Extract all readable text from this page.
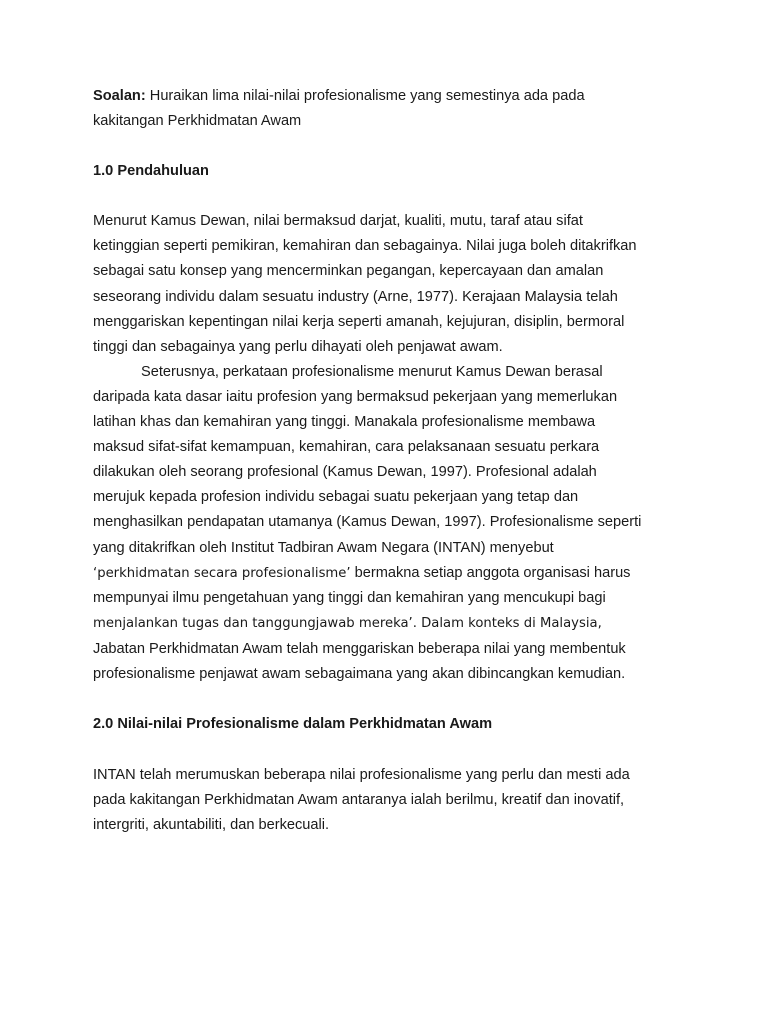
Soalan: Huraikan lima nilai-nilai profesionalisme yang semestinya ada pada
kakitangan Perkhidmatan Awam
1.0 Pendahuluan
Menurut Kamus Dewan, nilai bermaksud darjat, kualiti, mutu, taraf atau sifat
ketinggian seperti pemikiran, kemahiran dan sebagainya. Nilai juga boleh ditakrifkan
sebagai satu konsep yang mencerminkan pegangan, kepercayaan dan amalan
seseorang individu dalam sesuatu industry (Arne, 1977). Kerajaan Malaysia telah
menggariskan kepentingan nilai kerja seperti amanah, kejujuran, disiplin, bermoral
tinggi dan sebagainya yang perlu dihayati oleh penjawat awam.
Seterusnya, perkataan profesionalisme menurut Kamus Dewan berasal
daripada kata dasar iaitu profesion yang bermaksud pekerjaan yang memerlukan
latihan khas dan kemahiran yang tinggi. Manakala profesionalisme membawa
maksud sifat-sifat kemampuan, kemahiran, cara pelaksanaan sesuatu perkara
dilakukan oleh seorang profesional (Kamus Dewan, 1997). Profesional adalah
merujuk kepada profesion individu sebagai suatu pekerjaan yang tetap dan
menghasilkan pendapatan utamanya (Kamus Dewan, 1997). Profesionalisme seperti
yang ditakrifkan oleh Institut Tadbiran Awam Negara (INTAN) menyebut
‘perkhidmatan secara profesionalisme’ bermakna setiap anggota organisasi harus
mempunyai ilmu pengetahuan yang tinggi dan kemahiran yang mencukupi bagi
menjalankan tugas dan tanggungjawab mereka’. Dalam konteks di Malaysia,
Jabatan Perkhidmatan Awam telah menggariskan beberapa nilai yang membentuk
profesionalisme penjawat awam sebagaimana yang akan dibincangkan kemudian.
2.0 Nilai-nilai Profesionalisme dalam Perkhidmatan Awam
INTAN telah merumuskan beberapa nilai profesionalisme yang perlu dan mesti ada
pada kakitangan Perkhidmatan Awam antaranya ialah berilmu, kreatif dan inovatif,
intergriti, akuntabiliti, dan berkecuali.
